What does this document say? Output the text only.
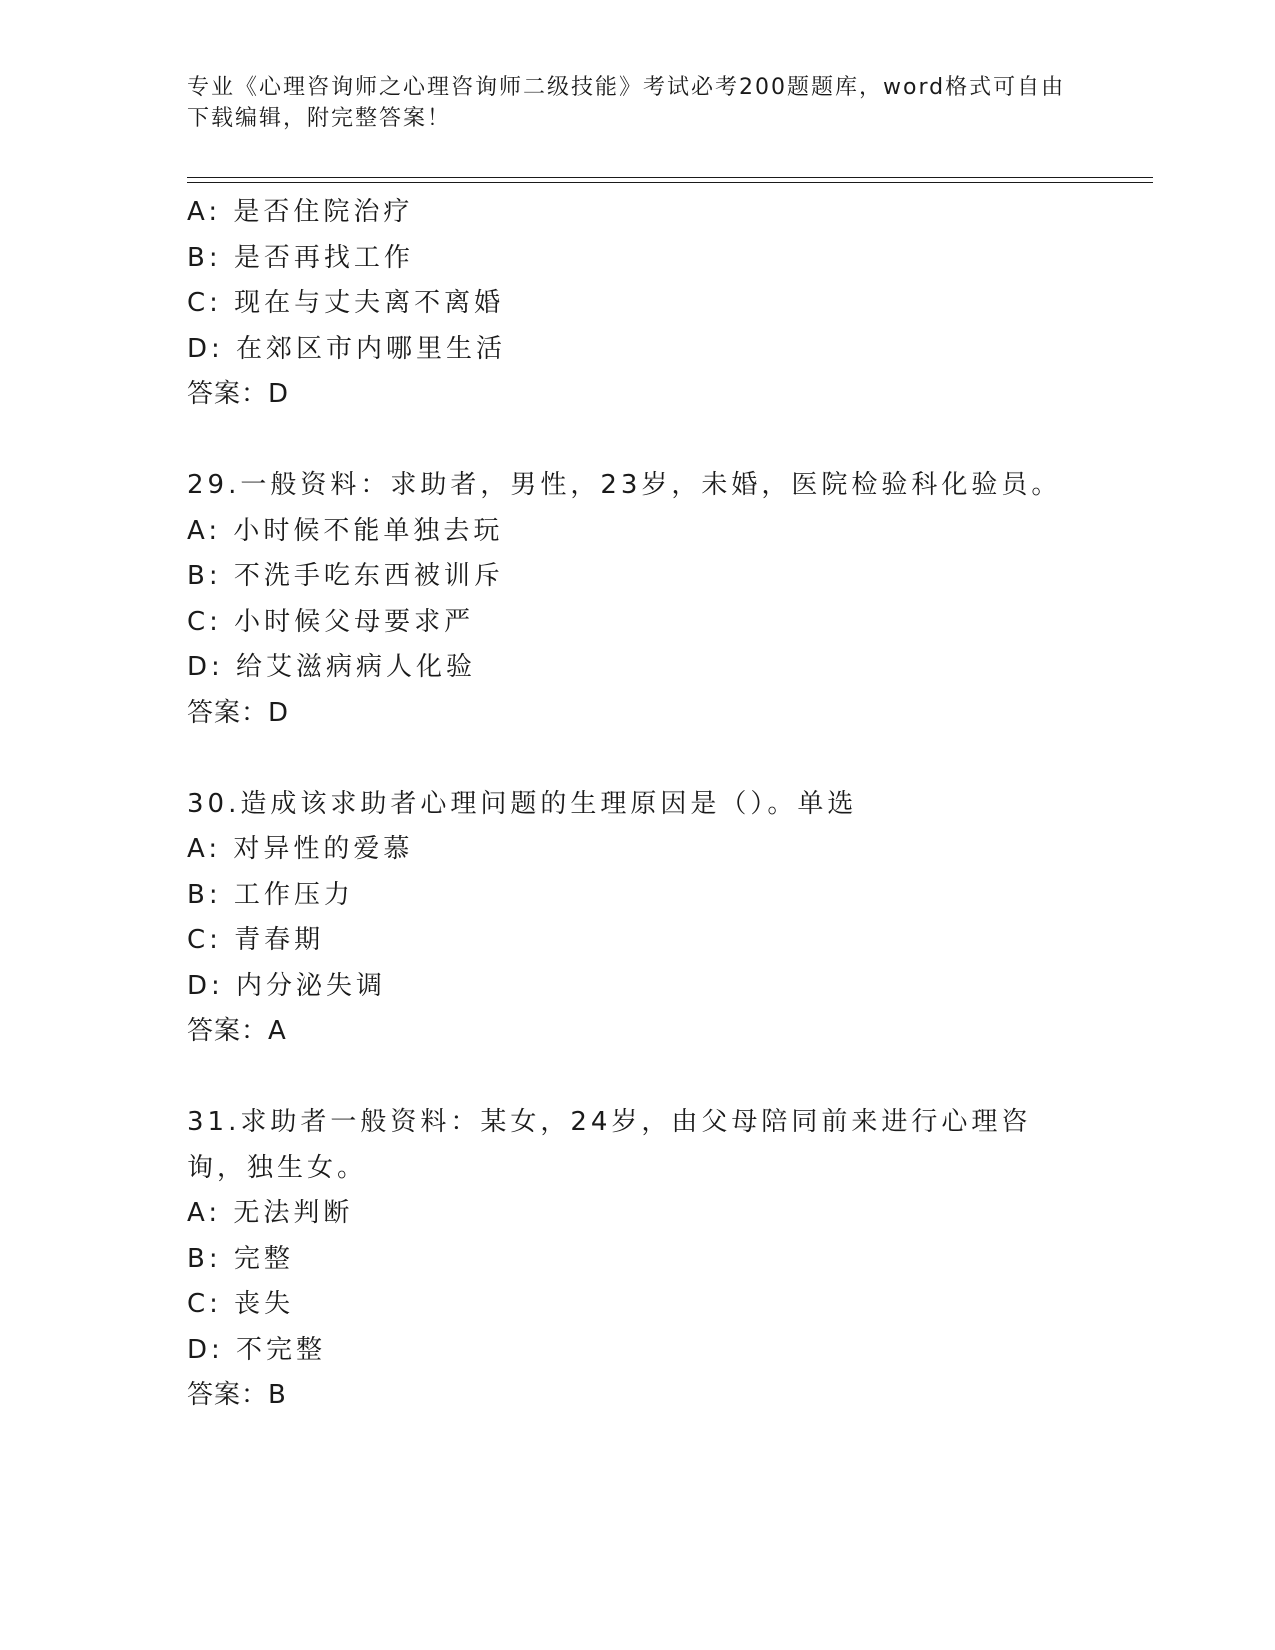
专业《心理咨询师之心理咨询师二级技能》考试必考200题题库，word格式可自由下载编辑，附完整答案！
A: 是否住院治疗
B: 是否再找工作
C: 现在与丈夫离不离婚
D: 在郊区市内哪里生活
答案：D
29.一般资料：求助者，男性，23岁，未婚，医院检验科化验员。
A: 小时候不能单独去玩
B: 不洗手吃东西被训斥
C: 小时候父母要求严
D: 给艾滋病病人化验
答案：D
30.造成该求助者心理问题的生理原因是（）。单选
A: 对异性的爱慕
B: 工作压力
C: 青春期
D: 内分泌失调
答案：A
31.求助者一般资料：某女，24岁，由父母陪同前来进行心理咨询，独生女。
A: 无法判断
B: 完整
C: 丧失
D: 不完整
答案：B
